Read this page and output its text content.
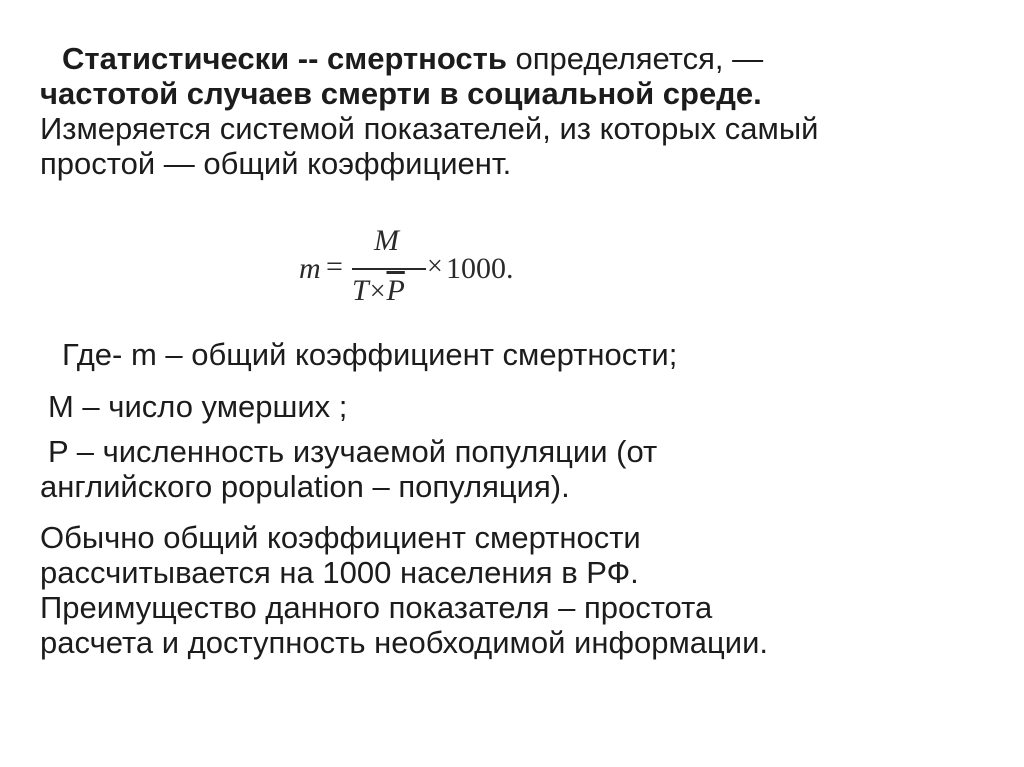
Статистически -- смертность определяется, —
частотой случаев смерти в социальной среде.
Измеряется системой показателей, из которых самый
простой — общий коэффициент.
m =
M
$T\times\overline{P}$
× 1000.
Где- m – общий коэффициент смертности;
M – число умерших ;
P – численность изучаемой популяции (от
английского population – популяция).
Обычно общий коэффициент смертности
рассчитывается на 1000 населения в РФ.
Преимущество данного показателя – простота
расчета и доступность необходимой информации.
